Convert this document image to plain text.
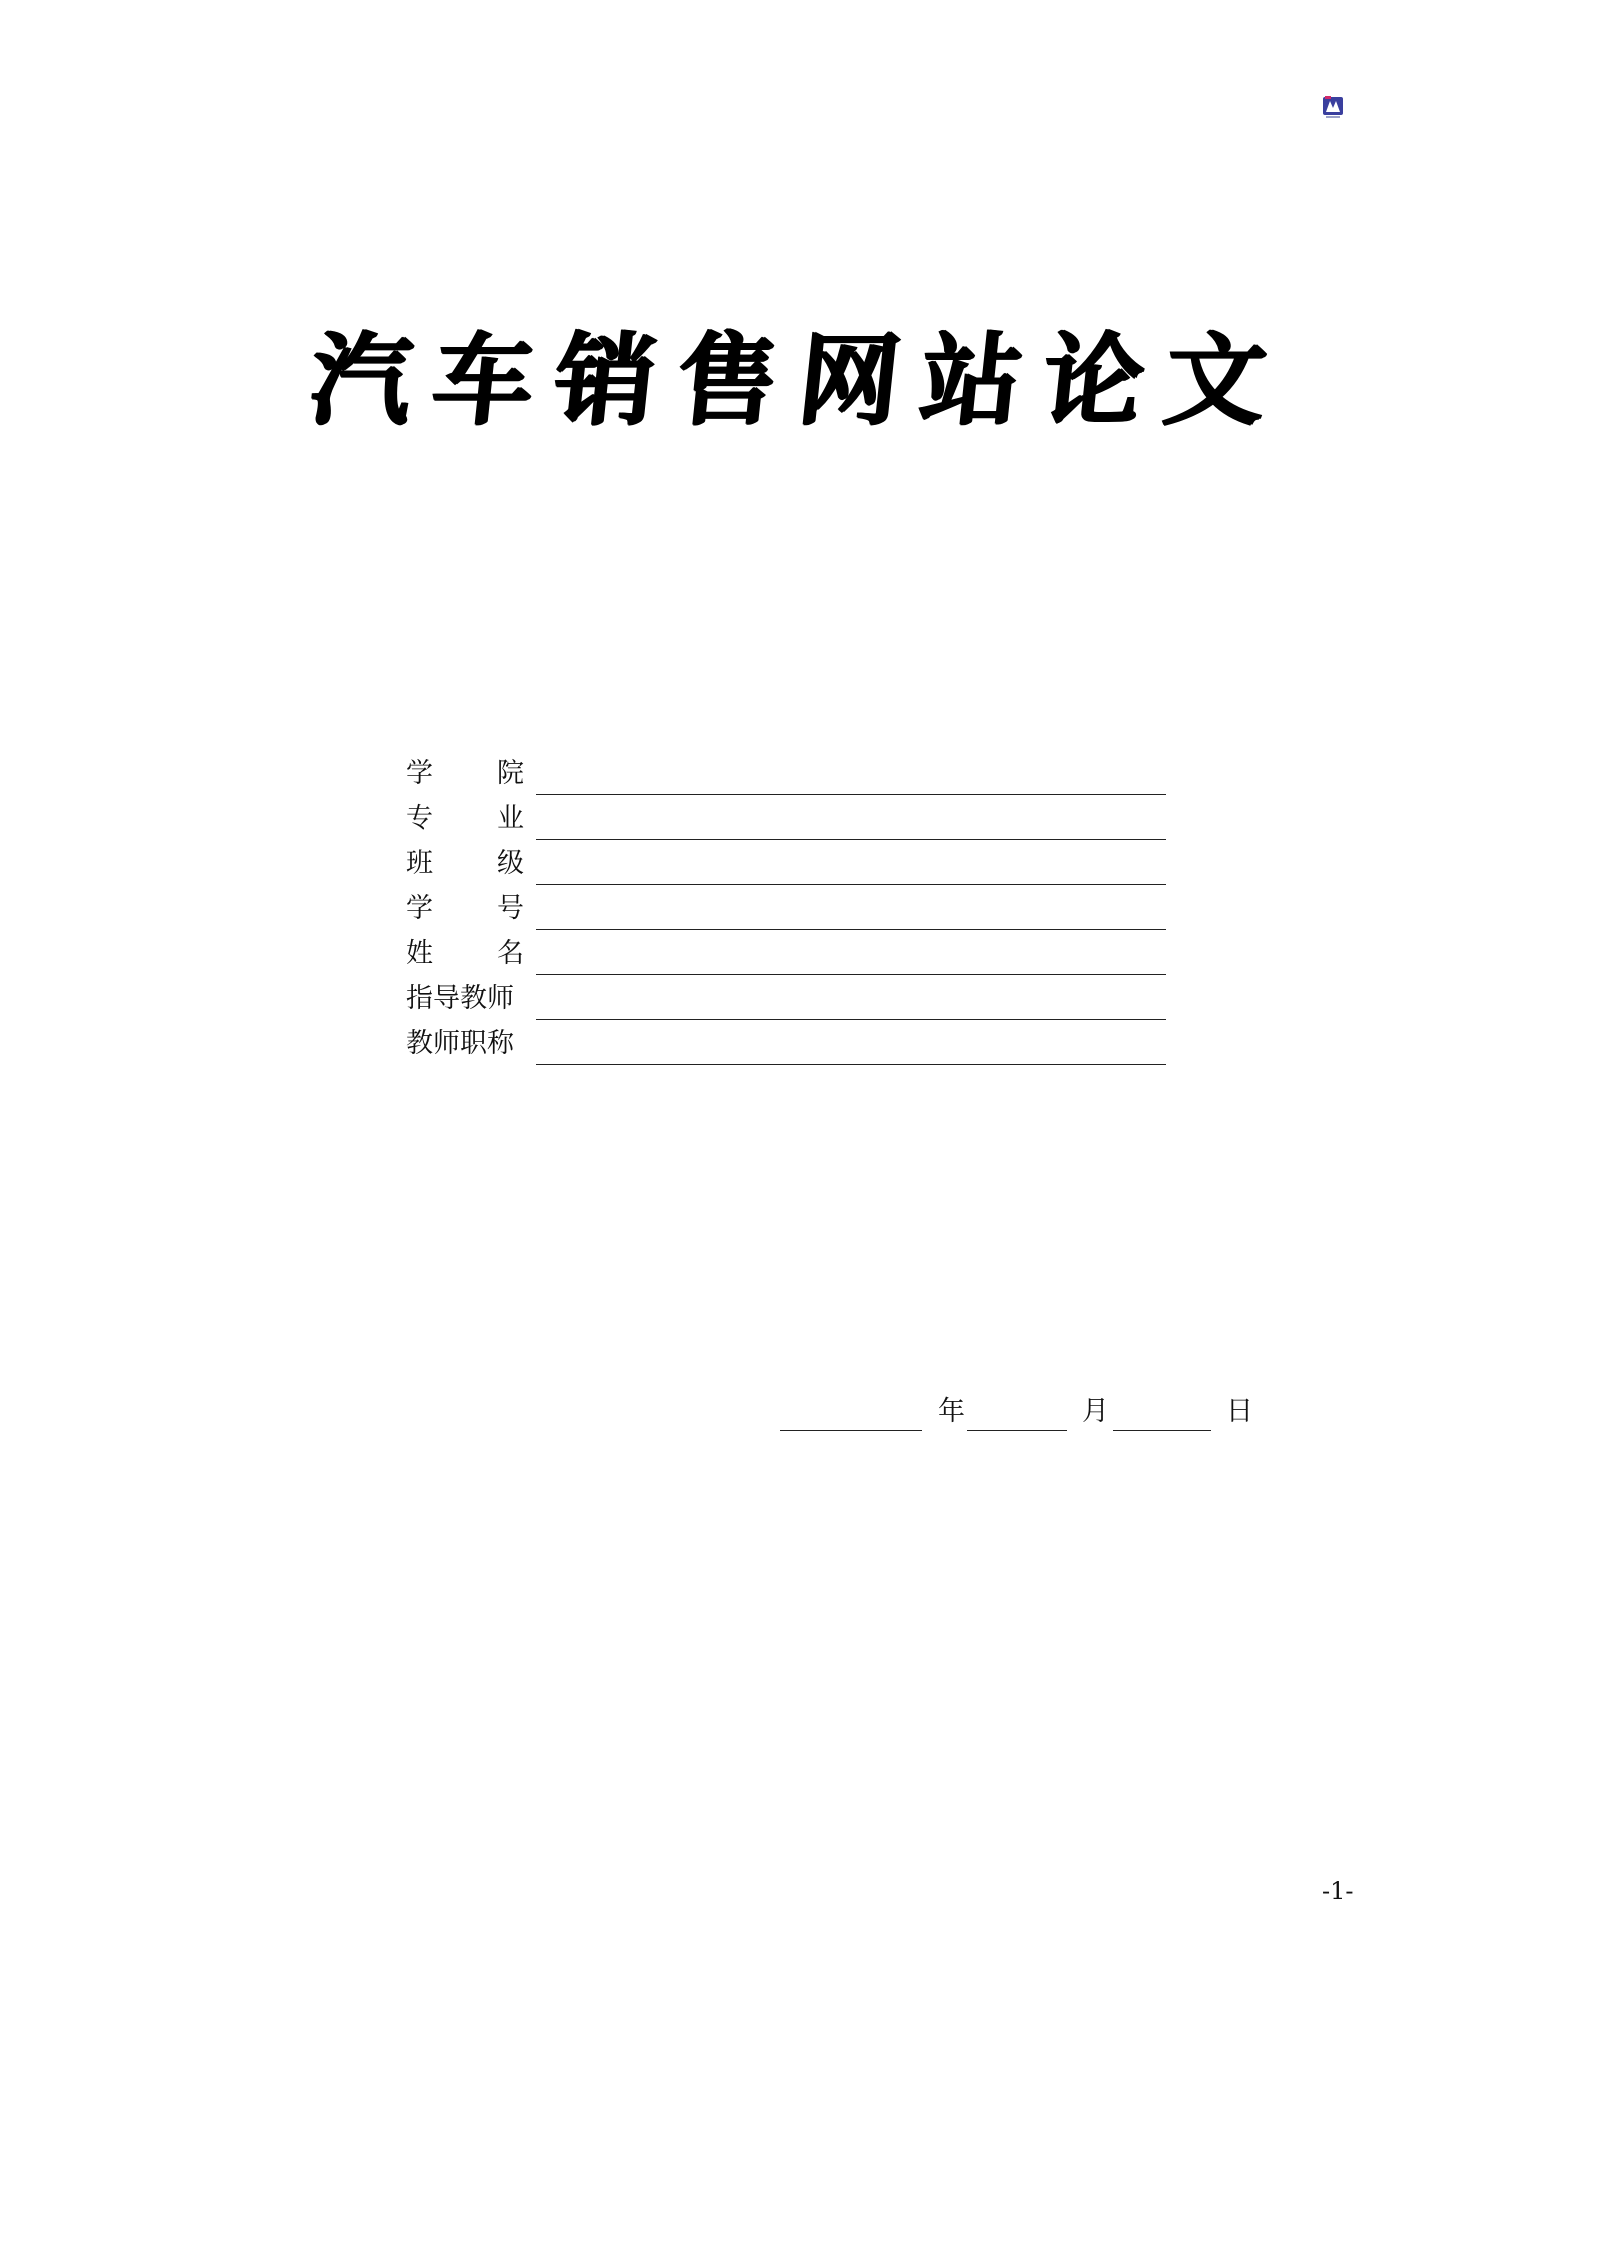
汽车销售网站论文
学 院
专 业
班 级
学 号
姓 名
指导教师
教师职称
年	月	日
-1-
